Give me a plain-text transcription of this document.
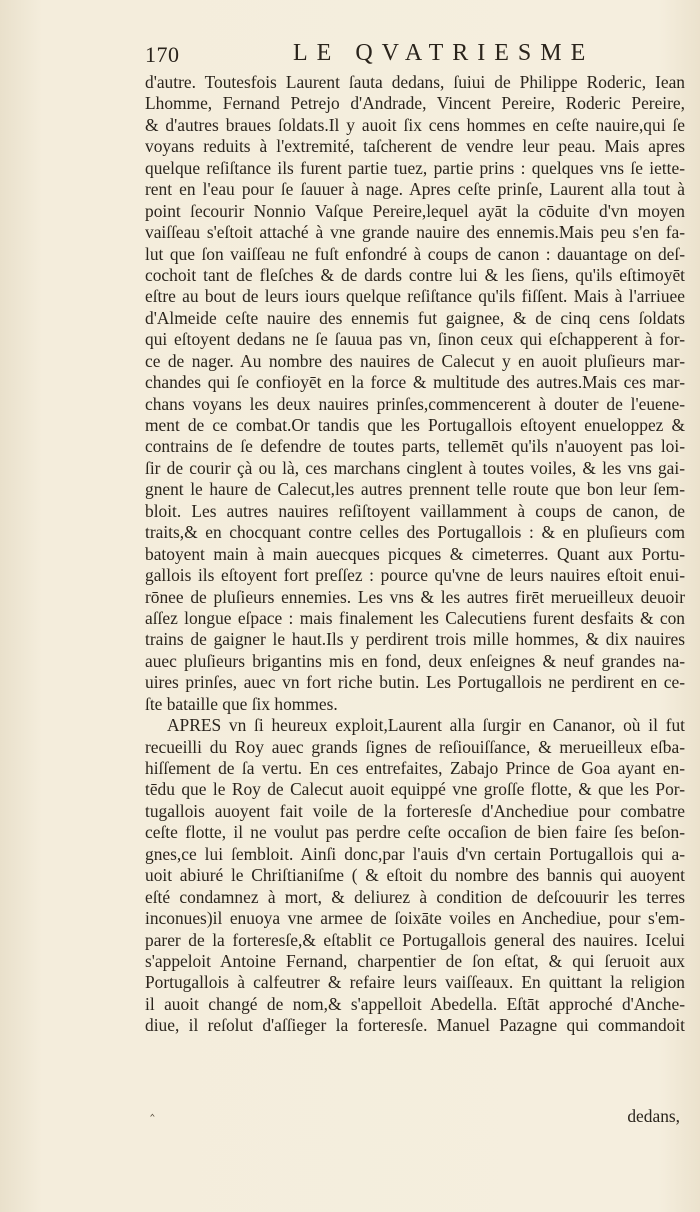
170	LE QVATRIESME
d'autre. Toutesfois Laurent ſauta dedans, ſuiui de Philippe Roderic, Iean
Lhomme, Fernand Petrejo d'Andrade, Vincent Pereire, Roderic Pereire,
& d'autres braues ſoldats.Il y auoit ſix cens hommes en ceſte nauire,qui ſe
voyans reduits à l'extremité, taſcherent de vendre leur peau. Mais apres
quelque reſiſtance ils furent partie tuez, partie prins : quelques vns ſe iette-
rent en l'eau pour ſe ſauuer à nage. Apres ceſte prinſe, Laurent alla tout à
point ſecourir Nonnio Vaſque Pereire,lequel ayāt la cōduite d'vn moyen
vaiſſeau s'eſtoit attaché à vne grande nauire des ennemis.Mais peu s'en fa-
lut que ſon vaiſſeau ne fuſt enfondré à coups de canon : dauantage on deſ-
cochoit tant de fleſches & de dards contre lui & les ſiens, qu'ils eſtimoyēt
eſtre au bout de leurs iours quelque reſiſtance qu'ils fiſſent. Mais à l'arriuee
d'Almeide ceſte nauire des ennemis fut gaignee, & de cinq cens ſoldats
qui eſtoyent dedans ne ſe ſauua pas vn, ſinon ceux qui eſchapperent à for-
ce de nager. Au nombre des nauires de Calecut y en auoit pluſieurs mar-
chandes qui ſe confioyēt en la force & multitude des autres.Mais ces mar-
chans voyans les deux nauires prinſes,commencerent à douter de l'euene-
ment de ce combat.Or tandis que les Portugallois eſtoyent enueloppez &
contrains de ſe defendre de toutes parts, tellemēt qu'ils n'auoyent pas loi-
ſir de courir çà ou là, ces marchans cinglent à toutes voiles, & les vns gai-
gnent le haure de Calecut,les autres prennent telle route que bon leur ſem-
bloit. Les autres nauires reſiſtoyent vaillamment à coups de canon, de
traits,& en chocquant contre celles des Portugallois : & en pluſieurs com
batoyent main à main auecques picques & cimeterres. Quant aux Portu-
gallois ils eſtoyent fort preſſez : pource qu'vne de leurs nauires eſtoit enui-
rōnee de pluſieurs ennemies. Les vns & les autres firēt merueilleux deuoir
aſſez longue eſpace : mais finalement les Calecutiens furent desfaits & con
trains de gaigner le haut.Ils y perdirent trois mille hommes, & dix nauires
auec pluſieurs brigantins mis en fond, deux enſeignes & neuf grandes na-
uires prinſes, auec vn fort riche butin. Les Portugallois ne perdirent en ce-
ſte bataille que ſix hommes.
APRES vn ſi heureux exploit,Laurent alla ſurgir en Cananor, où il fut
recueilli du Roy auec grands ſignes de reſiouiſſance, & merueilleux eſba-
hiſſement de ſa vertu. En ces entrefaites, Zabajo Prince de Goa ayant en-
tēdu que le Roy de Calecut auoit equippé vne groſſe flotte, & que les Por-
tugallois auoyent fait voile de la forteresſe d'Anchediue pour combatre
ceſte flotte, il ne voulut pas perdre ceſte occaſion de bien faire ſes beſon-
gnes,ce lui ſembloit. Ainſi donc,par l'auis d'vn certain Portugallois qui a-
uoit abiuré le Chriſtianiſme ( & eſtoit du nombre des bannis qui auoyent
eſté condamnez à mort, & deliurez à condition de deſcouurir les terres
inconues)il enuoya vne armee de ſoixāte voiles en Anchediue, pour s'em-
parer de la forteresſe,& eſtablit ce Portugallois general des nauires. Icelui
s'appeloit Antoine Fernand, charpentier de ſon eſtat, & qui ſeruoit aux
Portugallois à calfeutrer & refaire leurs vaiſſeaux. En quittant la religion
il auoit changé de nom,& s'appelloit Abedella. Eſtāt approché d'Anche-
diue, il reſolut d'aſſieger la forteresſe. Manuel Pazagne qui commandoit
‸	dedans,
